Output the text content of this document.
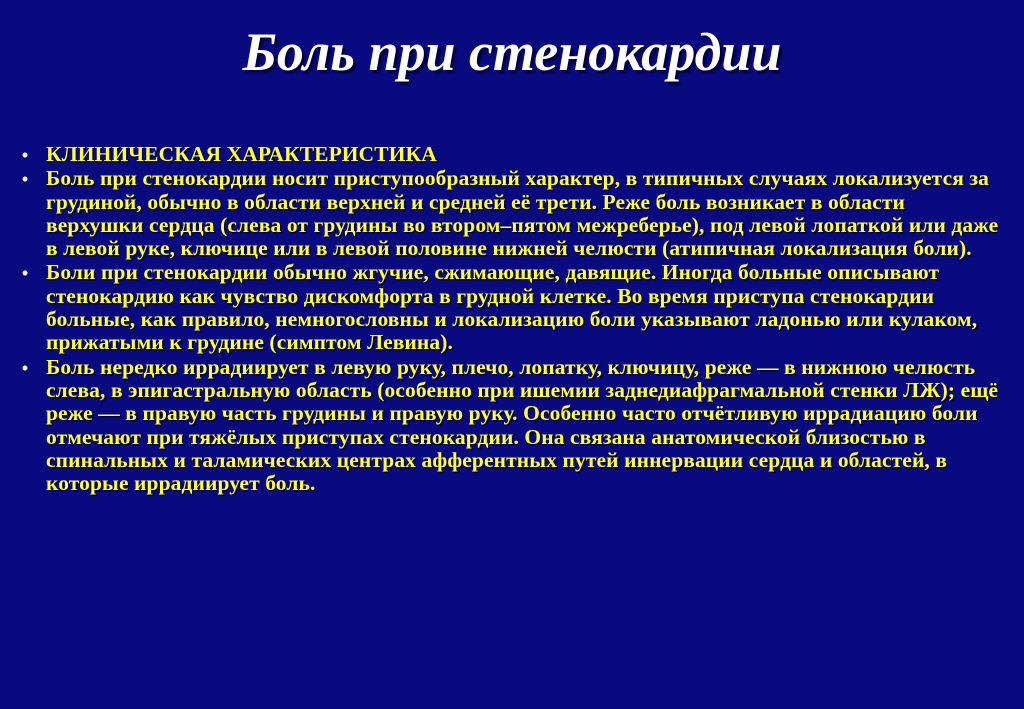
Боль при стенокардии
• КЛИНИЧЕСКАЯ ХАРАКТЕРИСТИКА
• Боль при стенокардии носит приступообразный характер, в типичных случаях локализуется за грудиной, обычно в области верхней и средней её трети. Реже боль возникает в области верхушки сердца (слева от грудины во втором–пятом межреберье), под левой лопаткой или даже в левой руке, ключице или в левой половине нижней челюсти (атипичная локализация боли).
• Боли при стенокардии обычно жгучие, сжимающие, давящие. Иногда больные описывают стенокардию как чувство дискомфорта в грудной клетке. Во время приступа стенокардии больные, как правило, немногословны и локализацию боли указывают ладонью или кулаком, прижатыми к грудине (симптом Левина).
• Боль нередко иррадиирует в левую руку, плечо, лопатку, ключицу, реже — в нижнюю челюсть слева, в эпигастральную область (особенно при ишемии заднедиафрагмальной стенки ЛЖ); ещё реже — в правую часть грудины и правую руку. Особенно часто отчётливую иррадиацию боли отмечают при тяжёлых приступах стенокардии. Она связана анатомической близостью в спинальных и таламических центрах афферентных путей иннервации сердца и областей, в которые иррадиирует боль.
